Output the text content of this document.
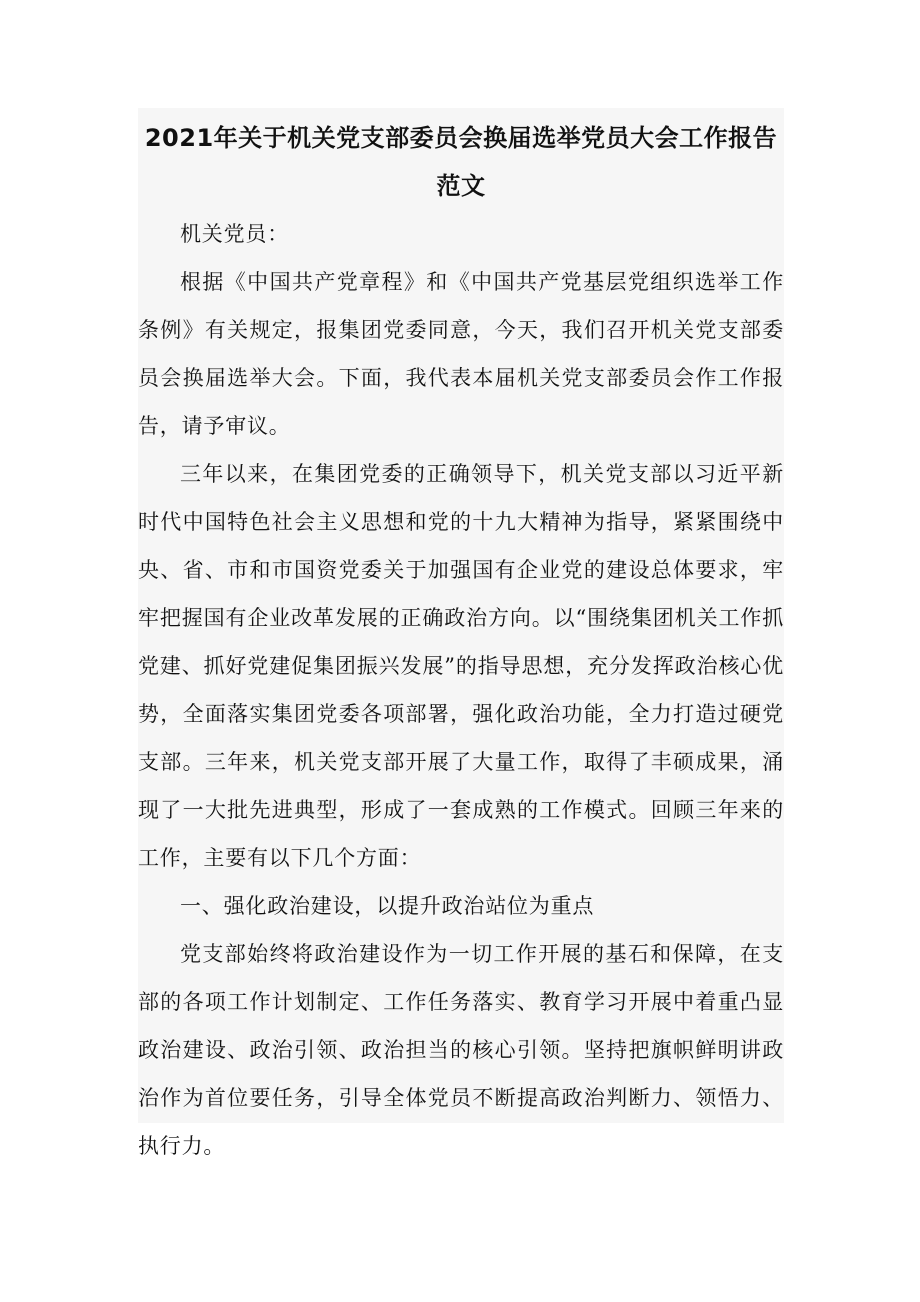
2021年关于机关党支部委员会换届选举党员大会工作报告范文

机关党员：

根据《中国共产党章程》和《中国共产党基层党组织选举工作条例》有关规定，报集团党委同意，今天，我们召开机关党支部委员会换届选举大会。下面，我代表本届机关党支部委员会作工作报告，请予审议。

三年以来，在集团党委的正确领导下，机关党支部以习近平新时代中国特色社会主义思想和党的十九大精神为指导，紧紧围绕中央、省、市和市国资党委关于加强国有企业党的建设总体要求，牢牢把握国有企业改革发展的正确政治方向。以“围绕集团机关工作抓党建、抓好党建促集团振兴发展”的指导思想，充分发挥政治核心优势，全面落实集团党委各项部署，强化政治功能，全力打造过硬党支部。三年来，机关党支部开展了大量工作，取得了丰硕成果，涌现了一大批先进典型，形成了一套成熟的工作模式。回顾三年来的工作，主要有以下几个方面：

一、强化政治建设，以提升政治站位为重点

党支部始终将政治建设作为一切工作开展的基石和保障，在支部的各项工作计划制定、工作任务落实、教育学习开展中着重凸显政治建设、政治引领、政治担当的核心引领。坚持把旗帜鲜明讲政治作为首位要任务，引导全体党员不断提高政治判断力、领悟力、执行力。
